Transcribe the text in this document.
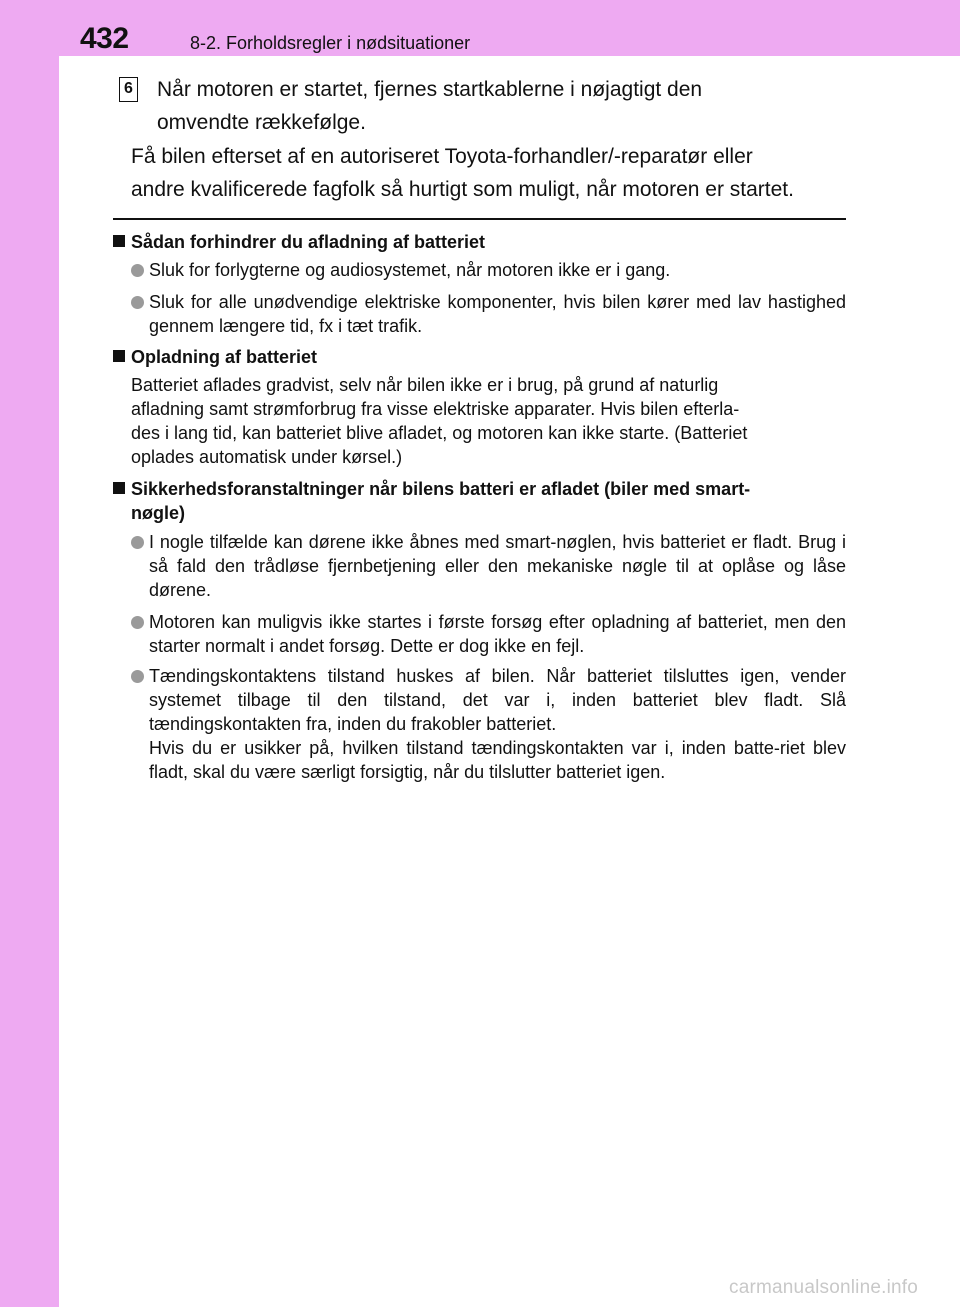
432	8-2. Forholdsregler i nødsituationer
6 Når motoren er startet, fjernes startkablerne i nøjagtigt den
omvendte rækkefølge.
Få bilen efterset af en autoriseret Toyota-forhandler/-reparatør eller
andre kvalificerede fagfolk så hurtigt som muligt, når motoren er startet.
Sådan forhindrer du afladning af batteriet
Sluk for forlygterne og audiosystemet, når motoren ikke er i gang.
Sluk for alle unødvendige elektriske komponenter, hvis bilen kører med lav hastighed gennem længere tid, fx i tæt trafik.
Opladning af batteriet
Batteriet aflades gradvist, selv når bilen ikke er i brug, på grund af naturlig
afladning samt strømforbrug fra visse elektriske apparater. Hvis bilen efterla-
des i lang tid, kan batteriet blive afladet, og motoren kan ikke starte. (Batteriet
oplades automatisk under kørsel.)
Sikkerhedsforanstaltninger når bilens batteri er afladet (biler med smart-
nøgle)
I nogle tilfælde kan dørene ikke åbnes med smart-nøglen, hvis batteriet er fladt. Brug i så fald den trådløse fjernbetjening eller den mekaniske nøgle til at oplåse og låse dørene.
Motoren kan muligvis ikke startes i første forsøg efter opladning af batteriet, men den starter normalt i andet forsøg. Dette er dog ikke en fejl.
Tændingskontaktens tilstand huskes af bilen. Når batteriet tilsluttes igen, vender systemet tilbage til den tilstand, det var i, inden batteriet blev fladt. Slå tændingskontakten fra, inden du frakobler batteriet.
Hvis du er usikker på, hvilken tilstand tændingskontakten var i, inden batte-riet blev fladt, skal du være særligt forsigtig, når du tilslutter batteriet igen.
carmanualsonline.info
